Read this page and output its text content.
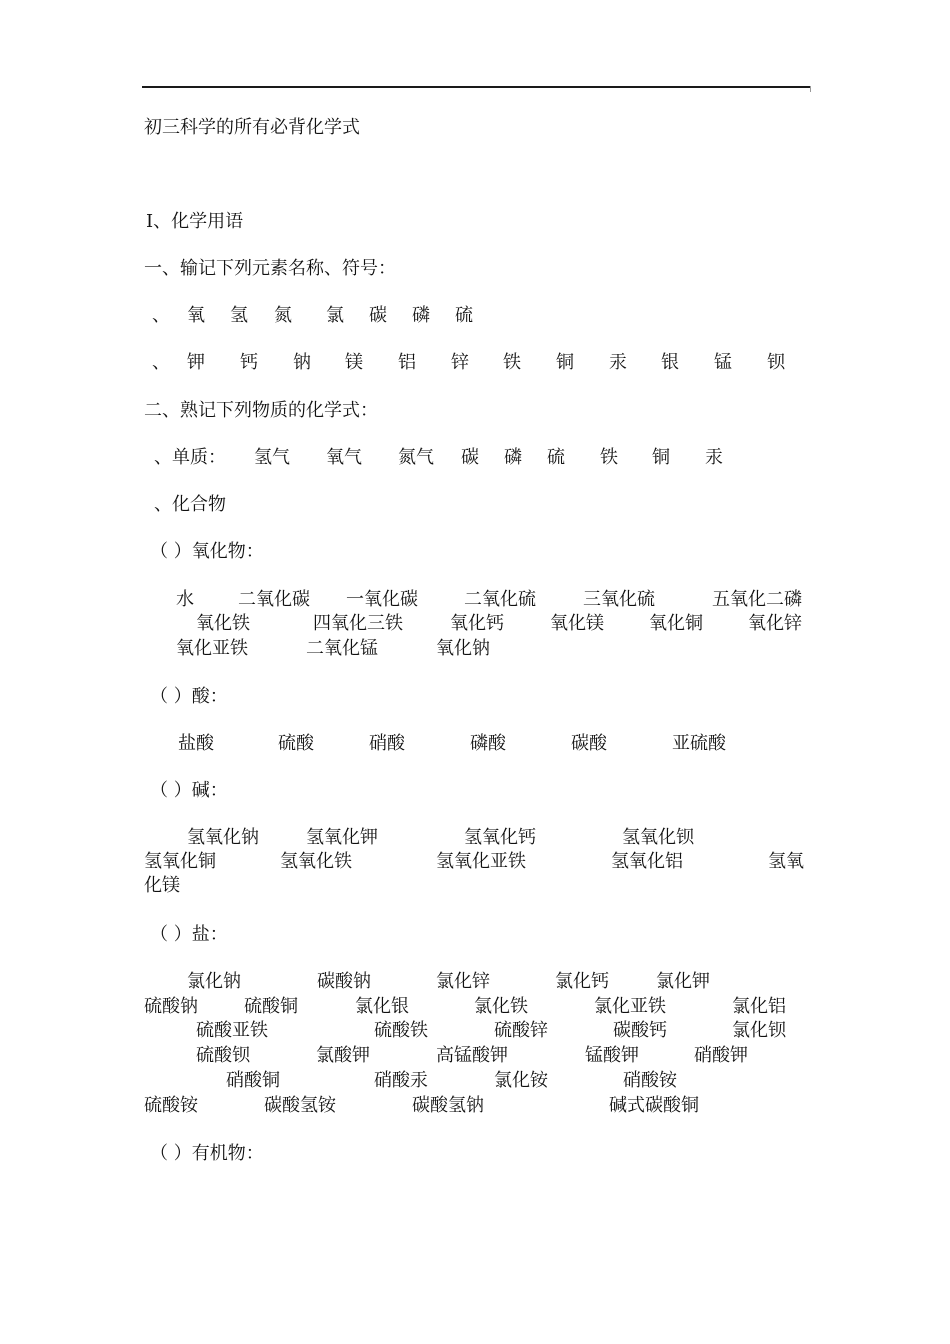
初三科学的所有必背化学式
Ⅰ、化学用语
一、输记下列元素名称、符号：
、 氧 氢 氮 氯 碳 磷 硫
、 钾 钙 钠 镁 铝 锌 铁 铜 汞 银 锰 钡
二、熟记下列物质的化学式：
、单质： 氢气 氧气 氮气 碳 磷 硫 铁 铜 汞
、化合物
（ ）氧化物：
水 二氧化碳 一氧化碳	二氧化硫	三氧化硫	五氧化二磷
氧化铁	四氧化三铁	氧化钙	氧化镁	氧化铜	氧化锌
氧化亚铁	二氧化锰	氧化钠
（ ）酸：
盐酸	硫酸	硝酸	磷酸	碳酸	亚硫酸
（ ）碱：
氢氧化钠	氢氧化钾	氢氧化钙	氢氧化钡
氢氧化铜	氢氧化铁	氢氧化亚铁	氢氧化铝	氢氧
（ ）盐：
氯化钠	碳酸钠	氯化锌	氯化钙	氯化钾
硫酸钠	硫酸铜	氯化银	氯化铁	氯化亚铁	氯化铝
硫酸亚铁	硫酸铁	硫酸锌	碳酸钙	氯化钡
硫酸钡	氯酸钾	高锰酸钾	锰酸钾	硝酸钾
硝酸铜	硝酸汞	氯化铵	硝酸铵
硫酸铵	碳酸氢铵	碳酸氢钠	碱式碳酸铜
（ ）有机物：
化镁
